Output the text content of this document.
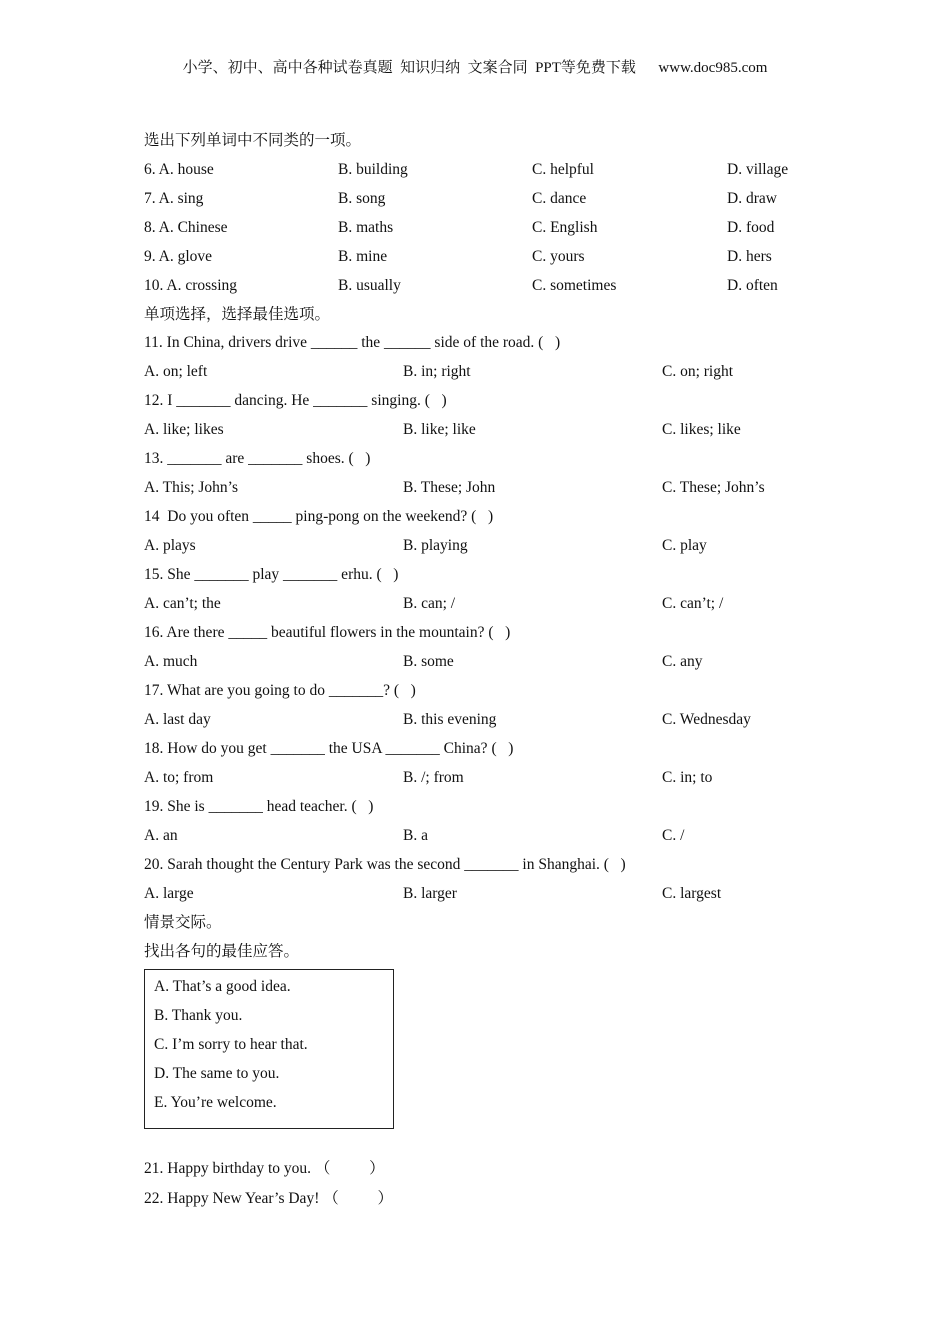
小学、初中、高中各种试卷真题  知识归纳  文案合同  PPT等免费下载      www.doc985.com
选出下列单词中不同类的一项。
6. A. house	B. building	C. helpful	D. village
7. A. sing	B. song	C. dance	D. draw
8. A. Chinese	B. maths	C. English	D. food
9. A. glove	B. mine	C. yours	D. hers
10. A. crossing	B. usually	C. sometimes	D. often
单项选择，选择最佳选项。
11. In China, drivers drive ______ the ______ side of the road. (   )
A. on; left	B. in; right	C. on; right
12. I _______ dancing. He _______ singing. (   )
A. like; likes	B. like; like	C. likes; like
13. _______ are _______ shoes. (   )
A. This; John’s	B. These; John	C. These; John’s
14  Do you often _____ ping-pong on the weekend? (   )
A. plays	B. playing	C. play
15. She _______ play _______ erhu. (   )
A. can’t; the	B. can; /	C. can’t; /
16. Are there _____ beautiful flowers in the mountain? (   )
A. much	B. some	C. any
17. What are you going to do _______? (   )
A. last day	B. this evening	C. Wednesday
18. How do you get _______ the USA _______ China? (   )
A. to; from	B. /; from	C. in; to
19. She is _______ head teacher. (   )
A. an	B. a	C. /
20. Sarah thought the Century Park was the second _______ in Shanghai. (   )
A. large	B. larger	C. largest
情景交际。
找出各句的最佳应答。
A. That’s a good idea.
B. Thank you.
C. I’m sorry to hear that.
D. The same to you.
E. You’re welcome.
21. Happy birthday to you. （          ）
22. Happy New Year’s Day! （          ）
